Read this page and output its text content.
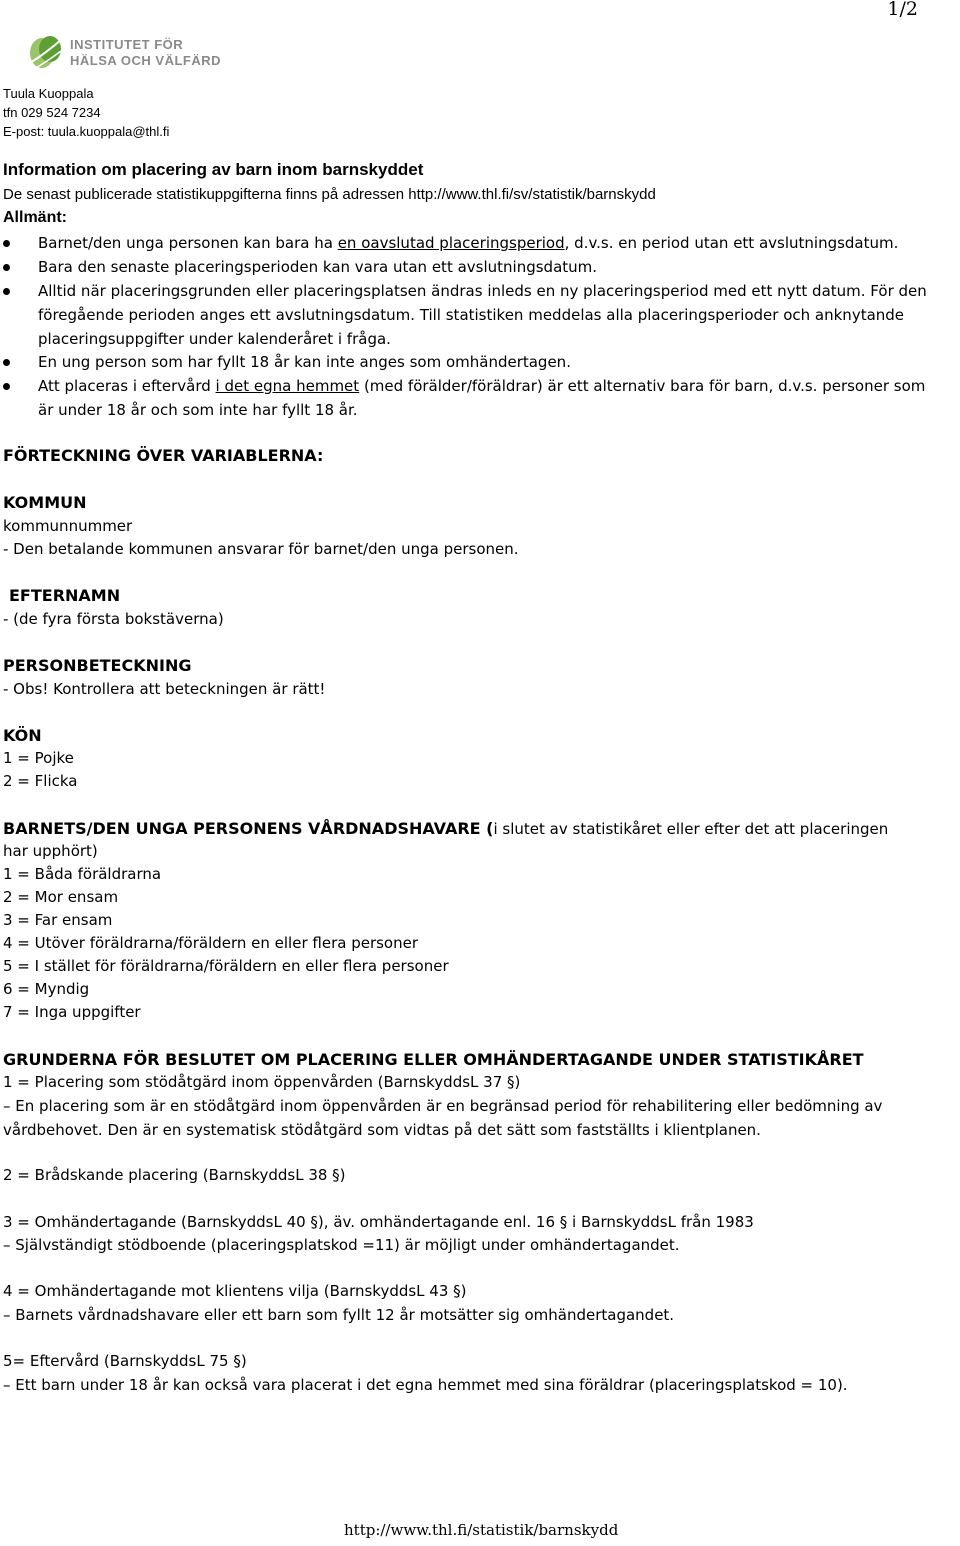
1/2
INSTITUTET FÖR
HÄLSA OCH VÄLFÄRD
Tuula Kuoppala
tfn 029 524 7234
E-post: tuula.kuoppala@thl.fi
Information om placering av barn inom barnskyddet
De senast publicerade statistikuppgifterna finns på adressen http://www.thl.fi/sv/statistik/barnskydd
Allmänt:
Barnet/den unga personen kan bara ha en oavslutad placeringsperiod, d.v.s. en period utan ett avslutningsdatum.
Bara den senaste placeringsperioden kan vara utan ett avslutningsdatum.
Alltid när placeringsgrunden eller placeringsplatsen ändras inleds en ny placeringsperiod med ett nytt datum. För den
föregående perioden anges ett avslutningsdatum. Till statistiken meddelas alla placeringsperioder och anknytande
placeringsuppgifter under kalenderåret i fråga.
En ung person som har fyllt 18 år kan inte anges som omhändertagen.
Att placeras i eftervård i det egna hemmet (med förälder/föräldrar) är ett alternativ bara för barn, d.v.s. personer som
är under 18 år och som inte har fyllt 18 år.
FÖRTECKNING ÖVER VARIABLERNA:
KOMMUN
kommunnummer
- Den betalande kommunen ansvarar för barnet/den unga personen.
EFTERNAMN
- (de fyra första bokstäverna)
PERSONBETECKNING
- Obs! Kontrollera att beteckningen är rätt!
KÖN
1 = Pojke
2 = Flicka
BARNETS/DEN UNGA PERSONENS VÅRDNADSHAVARE (i slutet av statistikåret eller efter det att placeringen
har upphört)
1 = Båda föräldrarna
2 = Mor ensam
3 = Far ensam
4 = Utöver föräldrarna/föräldern en eller flera personer
5 = I stället för föräldrarna/föräldern en eller flera personer
6 = Myndig
7 = Inga uppgifter
GRUNDERNA FÖR BESLUTET OM PLACERING ELLER OMHÄNDERTAGANDE UNDER STATISTIKÅRET
1 = Placering som stödåtgärd inom öppenvården (BarnskyddsL 37 §)
– En placering som är en stödåtgärd inom öppenvården är en begränsad period för rehabilitering eller bedömning av
vårdbehovet. Den är en systematisk stödåtgärd som vidtas på det sätt som fastställts i klientplanen.
2 = Brådskande placering (BarnskyddsL 38 §)
3 = Omhändertagande (BarnskyddsL 40 §), äv. omhändertagande enl. 16 § i BarnskyddsL från 1983
– Självständigt stödboende (placeringsplatskod =11) är möjligt under omhändertagandet.
4 = Omhändertagande mot klientens vilja (BarnskyddsL 43 §)
– Barnets vårdnadshavare eller ett barn som fyllt 12 år motsätter sig omhändertagandet.
5= Eftervård (BarnskyddsL 75 §)
– Ett barn under 18 år kan också vara placerat i det egna hemmet med sina föräldrar (placeringsplatskod = 10).
http://www.thl.fi/statistik/barnskydd
